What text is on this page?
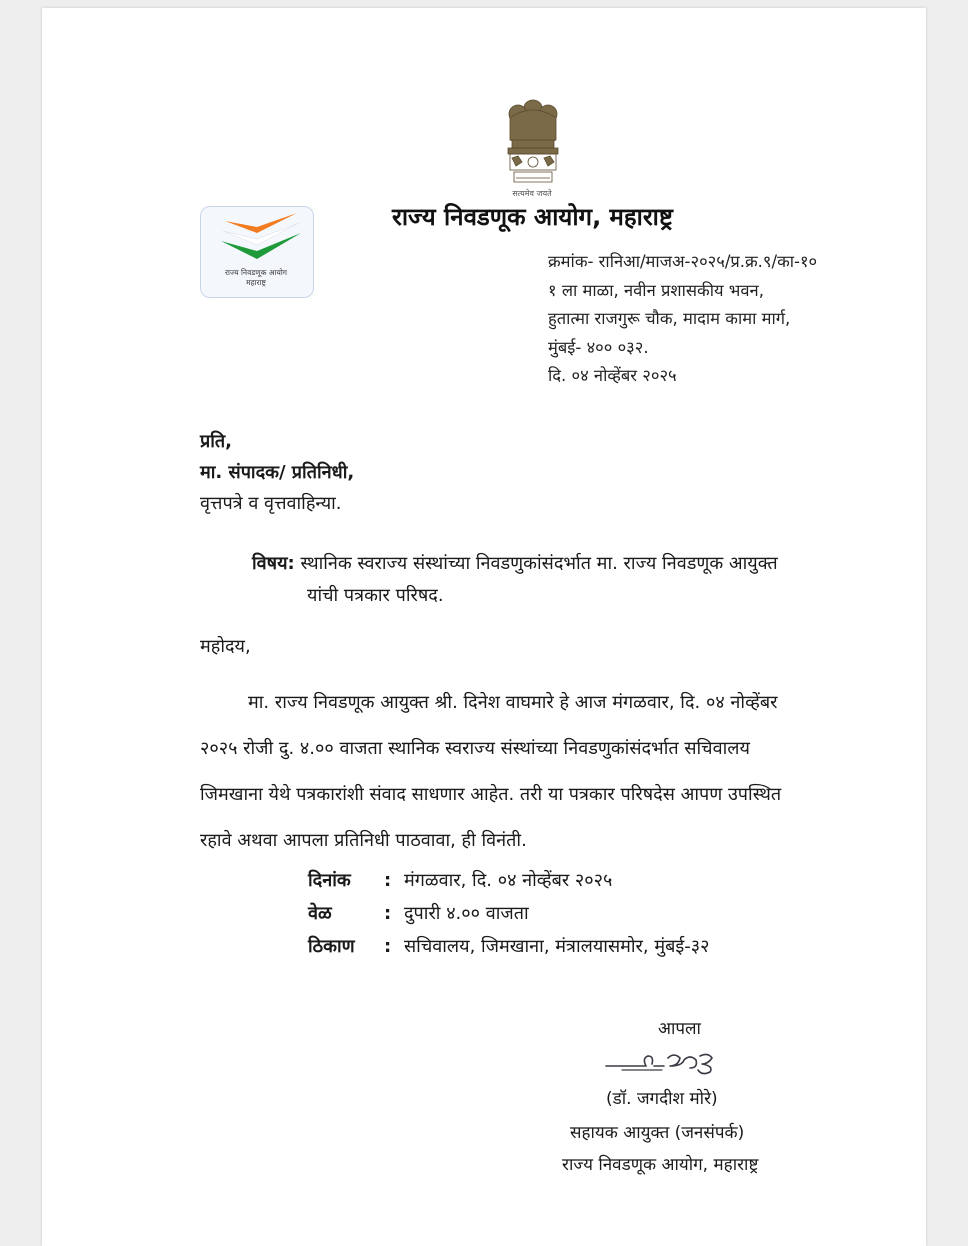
सत्यमेव जयते
राज्य निवडणूक आयोग, महाराष्ट्र
राज्य निवडणूक आयोग
महाराष्ट्र
क्रमांक- रानिआ/माजअ-२०२५/प्र.क्र.९/का-१०
१ ला माळा, नवीन प्रशासकीय भवन,
हुतात्मा राजगुरू चौक, मादाम कामा मार्ग,
मुंबई- ४०० ०३२.
दि. ०४ नोव्हेंबर २०२५
प्रति,
मा. संपादक/ प्रतिनिधी,
वृत्तपत्रे व वृत्तवाहिन्या.
विषय: स्थानिक स्वराज्य संस्थांच्या निवडणुकांसंदर्भात मा. राज्य निवडणूक आयुक्त
यांची पत्रकार परिषद.
महोदय,
मा. राज्य निवडणूक आयुक्त श्री. दिनेश वाघमारे हे आज मंगळवार, दि. ०४ नोव्हेंबर
२०२५ रोजी दु. ४.०० वाजता स्थानिक स्वराज्य संस्थांच्या निवडणुकांसंदर्भात सचिवालय
जिमखाना येथे पत्रकारांशी संवाद साधणार आहेत. तरी या पत्रकार परिषदेस आपण उपस्थित
रहावे अथवा आपला प्रतिनिधी पाठवावा, ही विनंती.
दिनांक	: मंगळवार, दि. ०४ नोव्हेंबर २०२५
वेळ	: दुपारी ४.०० वाजता
ठिकाण	: सचिवालय, जिमखाना, मंत्रालयासमोर, मुंबई-३२
आपला
(डॉ. जगदीश मोरे)
सहायक आयुक्त (जनसंपर्क)
राज्य निवडणूक आयोग, महाराष्ट्र
